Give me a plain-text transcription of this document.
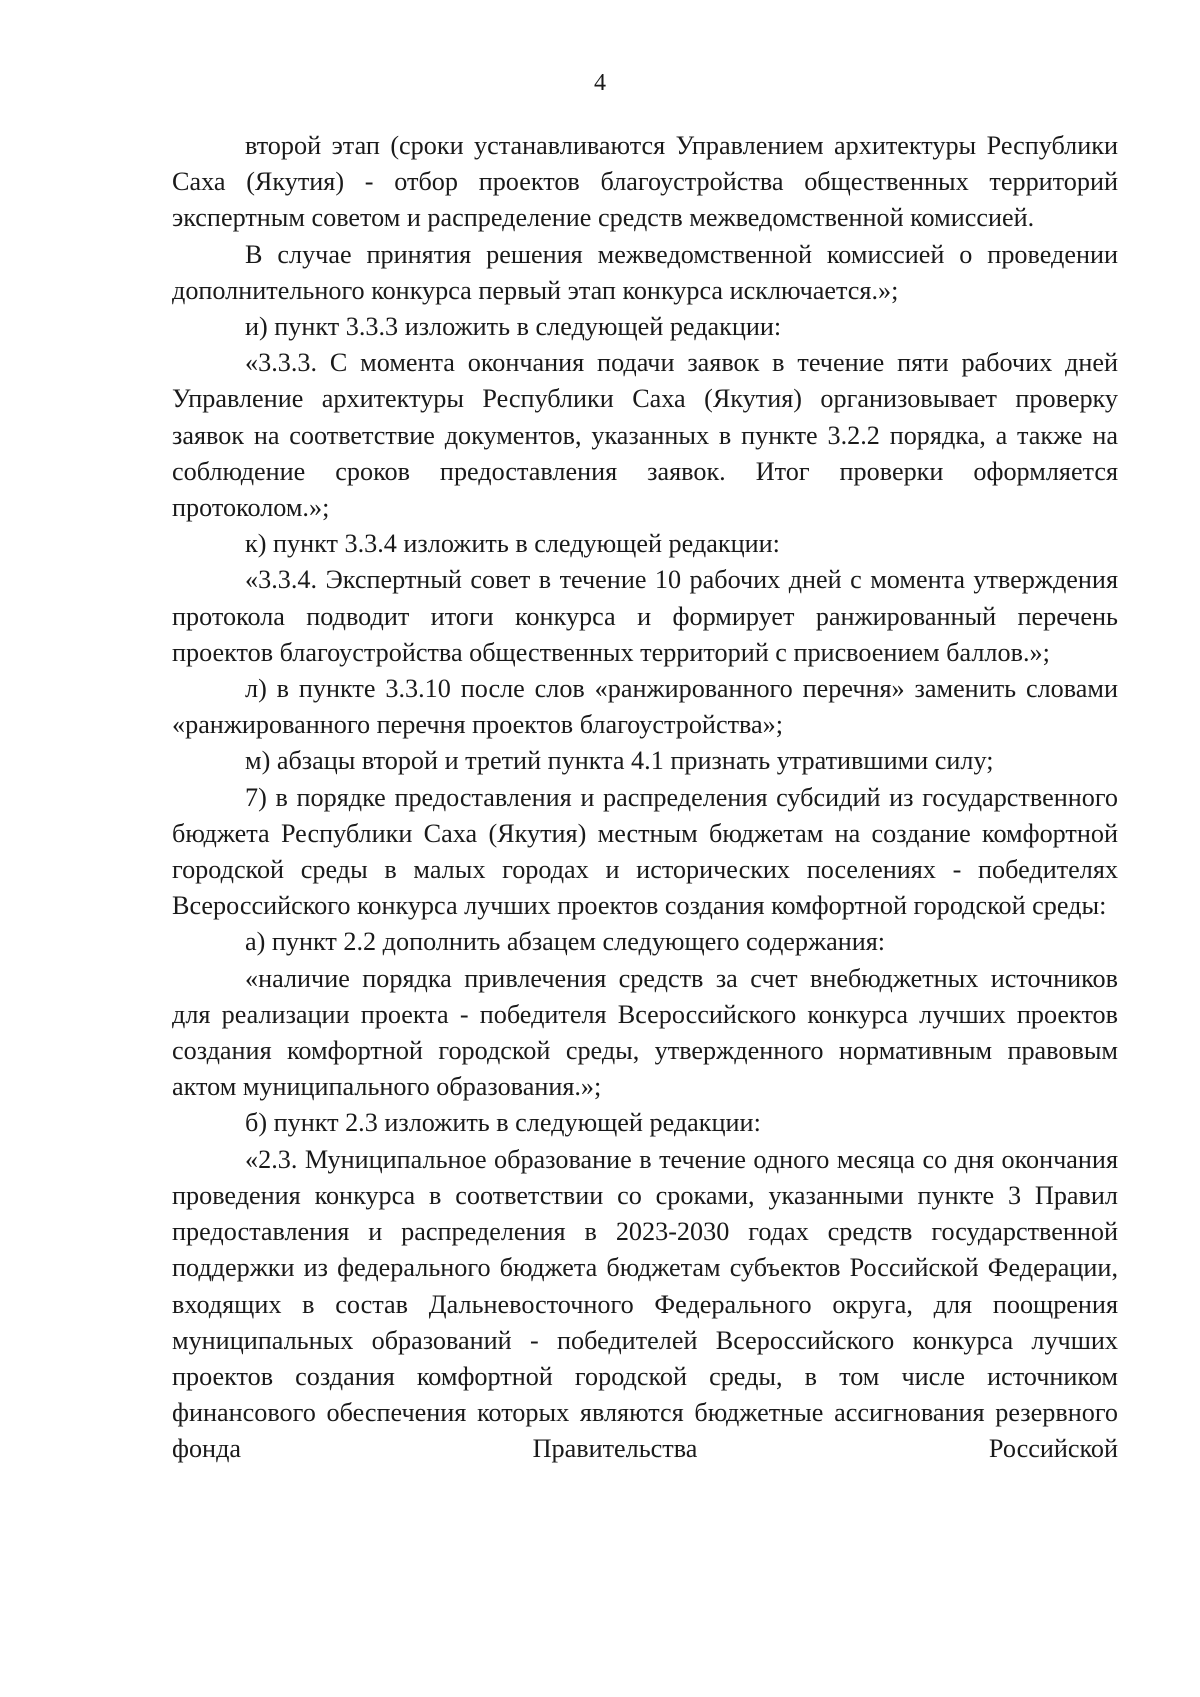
4

второй этап (сроки устанавливаются Управлением архитектуры Республики Саха (Якутия) - отбор проектов благоустройства общественных территорий экспертным советом и распределение средств межведомственной комиссией.

В случае принятия решения межведомственной комиссией о проведении дополнительного конкурса первый этап конкурса исключается.»;

и) пункт 3.3.3 изложить в следующей редакции:

«3.3.3. С момента окончания подачи заявок в течение пяти рабочих дней Управление архитектуры Республики Саха (Якутия) организовывает проверку заявок на соответствие документов, указанных в пункте 3.2.2 порядка, а также на соблюдение сроков предоставления заявок. Итог проверки оформляется протоколом.»;

к) пункт 3.3.4 изложить в следующей редакции:

«3.3.4. Экспертный совет в течение 10 рабочих дней с момента утверждения протокола подводит итоги конкурса и формирует ранжированный перечень проектов благоустройства общественных территорий с присвоением баллов.»;

л) в пункте 3.3.10 после слов «ранжированного перечня» заменить словами «ранжированного перечня проектов благоустройства»;

м) абзацы второй и третий пункта 4.1 признать утратившими силу;

7) в порядке предоставления и распределения субсидий из государственного бюджета Республики Саха (Якутия) местным бюджетам на создание комфортной городской среды в малых городах и исторических поселениях - победителях Всероссийского конкурса лучших проектов создания комфортной городской среды:

а) пункт 2.2 дополнить абзацем следующего содержания:

«наличие порядка привлечения средств за счет внебюджетных источников для реализации проекта - победителя Всероссийского конкурса лучших проектов создания комфортной городской среды, утвержденного нормативным правовым актом муниципального образования.»;

б) пункт 2.3 изложить в следующей редакции:

«2.3. Муниципальное образование в течение одного месяца со дня окончания проведения конкурса в соответствии со сроками, указанными пункте 3 Правил предоставления и распределения в 2023-2030 годах средств государственной поддержки из федерального бюджета бюджетам субъектов Российской Федерации, входящих в состав Дальневосточного Федерального округа, для поощрения муниципальных образований - победителей Всероссийского конкурса лучших проектов создания комфортной городской среды, в том числе источником финансового обеспечения которых являются бюджетные ассигнования резервного фонда Правительства Российской
